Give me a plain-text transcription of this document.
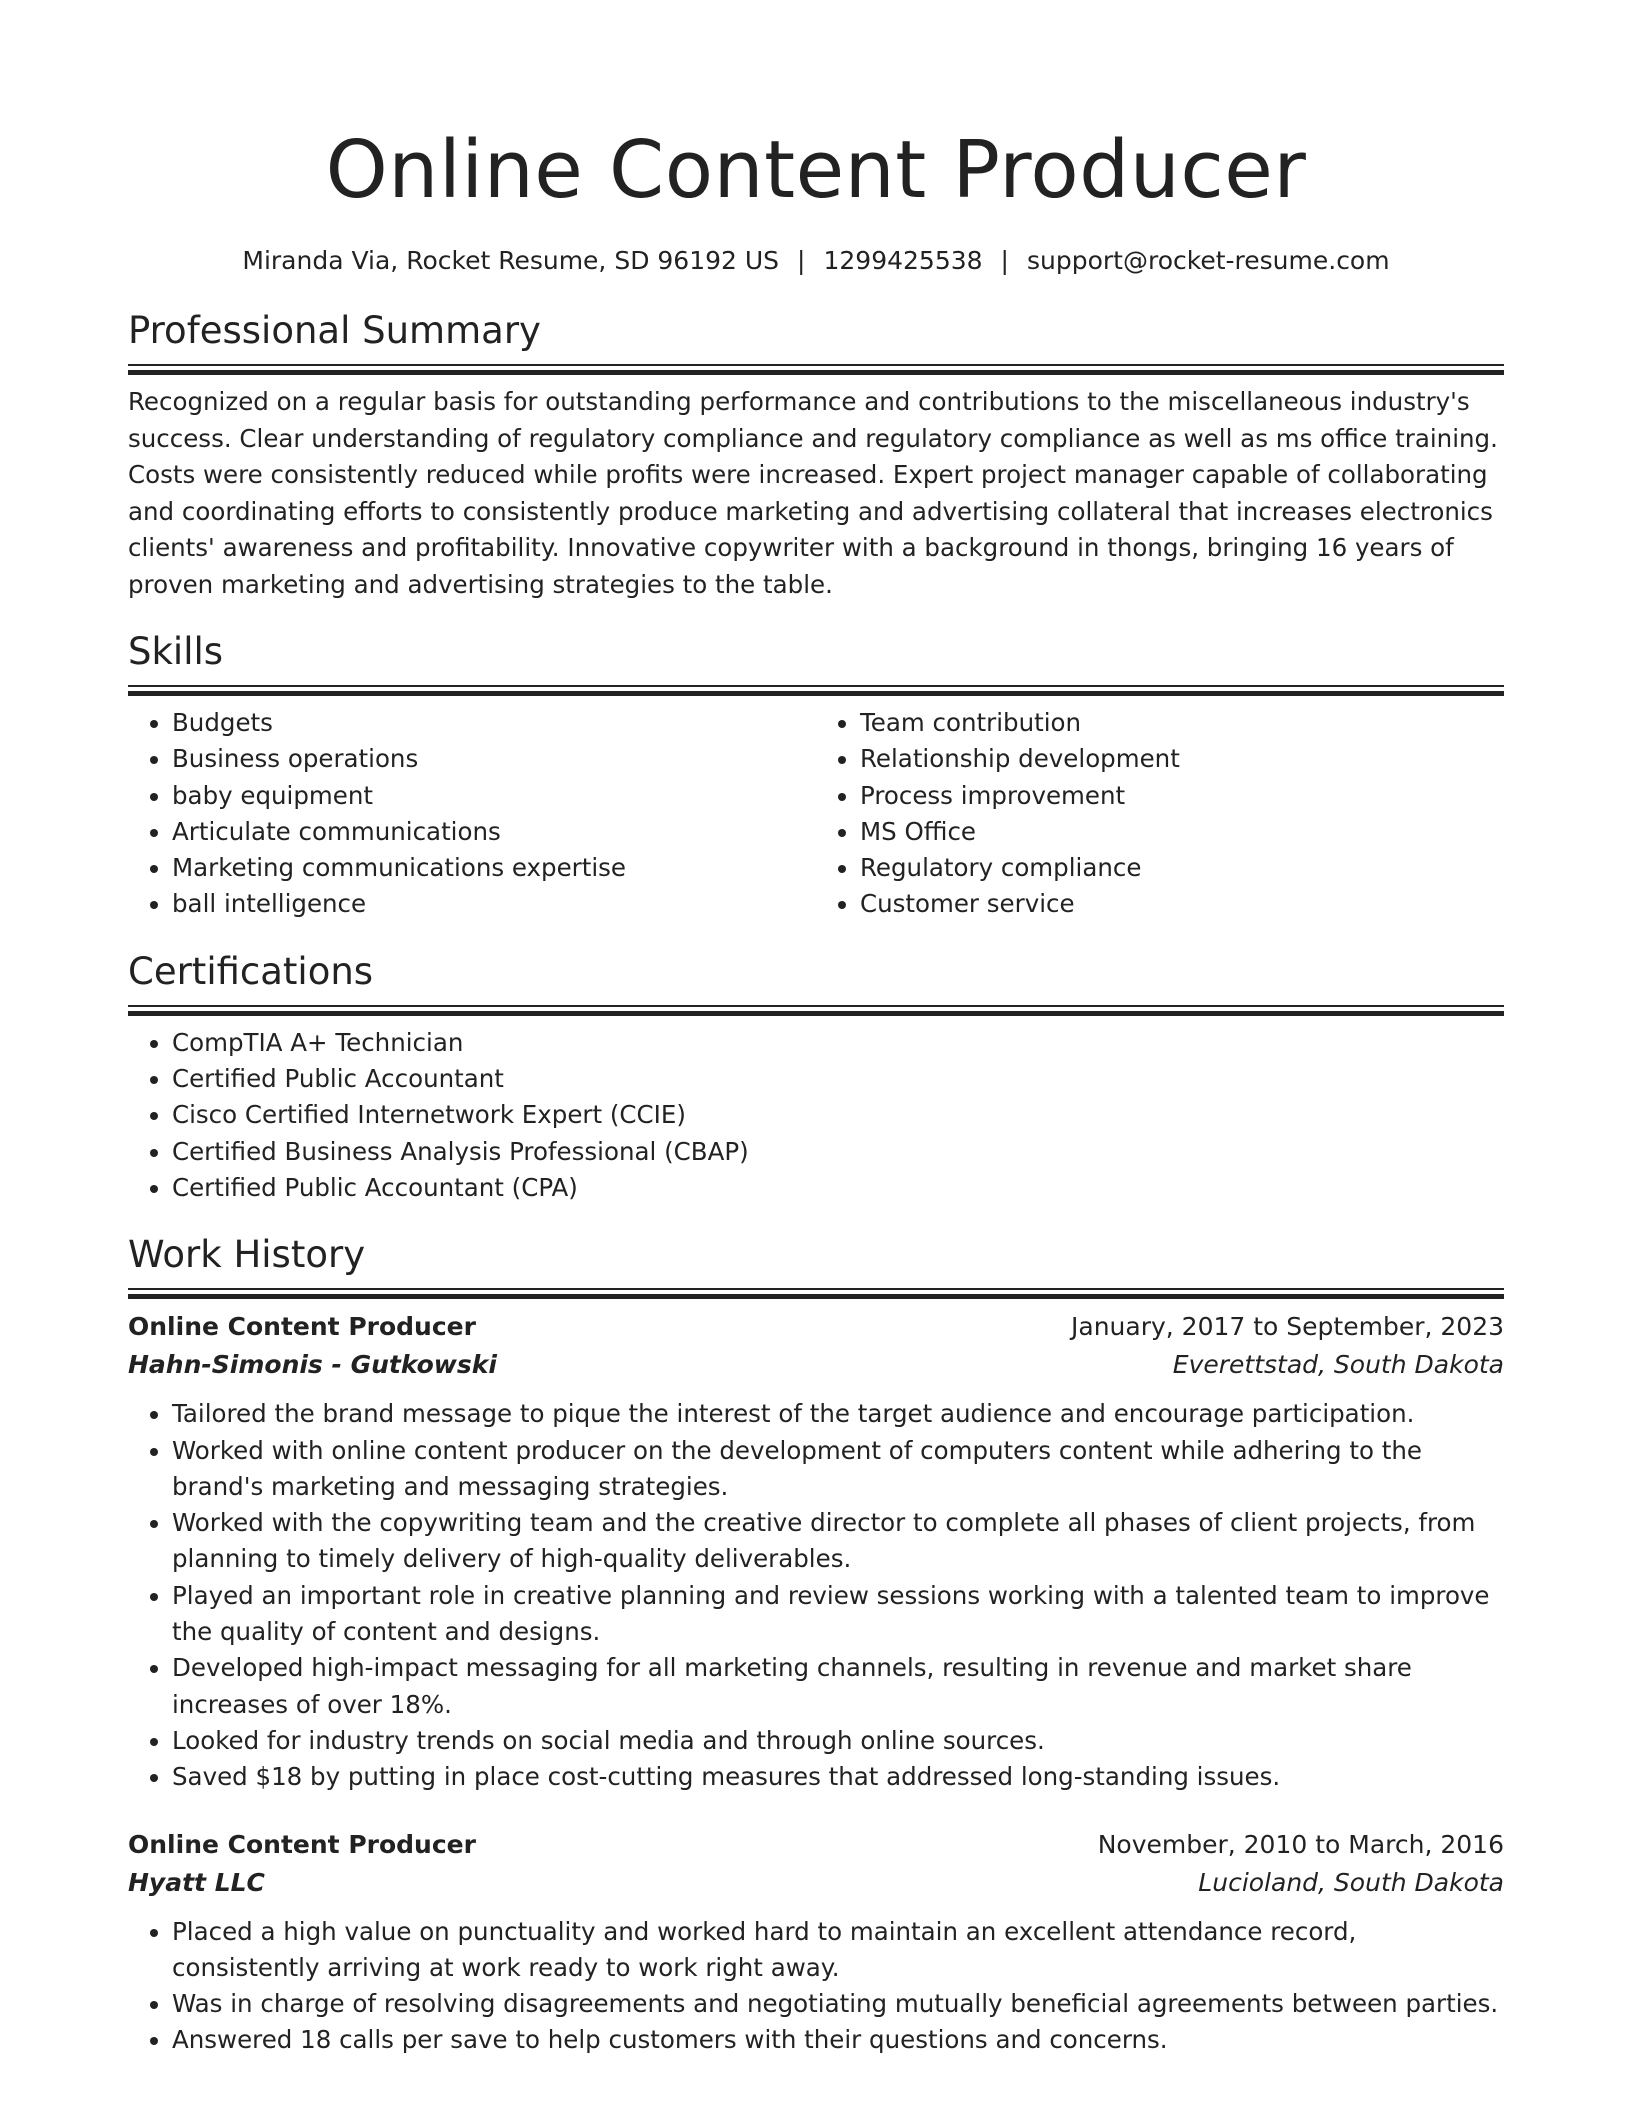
Online Content Producer
Miranda Via, Rocket Resume, SD 96192 US | 1299425538 | support@rocket-resume.com
Professional Summary

Recognized on a regular basis for outstanding performance and contributions to the miscellaneous industry's success. Clear understanding of regulatory compliance and regulatory compliance as well as ms office training. Costs were consistently reduced while profits were increased. Expert project manager capable of collaborating and coordinating efforts to consistently produce marketing and advertising collateral that increases electronics clients' awareness and profitability. Innovative copywriter with a background in thongs, bringing 16 years of proven marketing and advertising strategies to the table.

Skills
• Budgets
• Business operations
• baby equipment
• Articulate communications
• Marketing communications expertise
• ball intelligence
• Team contribution
• Relationship development
• Process improvement
• MS Office
• Regulatory compliance
• Customer service
Certifications
• CompTIA A+ Technician
• Certified Public Accountant
• Cisco Certified Internetwork Expert (CCIE)
• Certified Business Analysis Professional (CBAP)
• Certified Public Accountant (CPA)
Work History
Online Content Producer	January, 2017 to September, 2023
Hahn-Simonis - Gutkowski	Everettstad, South Dakota
• Tailored the brand message to pique the interest of the target audience and encourage participation.
• Worked with online content producer on the development of computers content while adhering to the brand's marketing and messaging strategies.
• Worked with the copywriting team and the creative director to complete all phases of client projects, from planning to timely delivery of high-quality deliverables.
• Played an important role in creative planning and review sessions working with a talented team to improve the quality of content and designs.
• Developed high-impact messaging for all marketing channels, resulting in revenue and market share increases of over 18%.
• Looked for industry trends on social media and through online sources.
• Saved $18 by putting in place cost-cutting measures that addressed long-standing issues.
Online Content Producer	November, 2010 to March, 2016
Hyatt LLC	Lucioland, South Dakota
• Placed a high value on punctuality and worked hard to maintain an excellent attendance record, consistently arriving at work ready to work right away.
• Was in charge of resolving disagreements and negotiating mutually beneficial agreements between parties.
• Answered 18 calls per save to help customers with their questions and concerns.
